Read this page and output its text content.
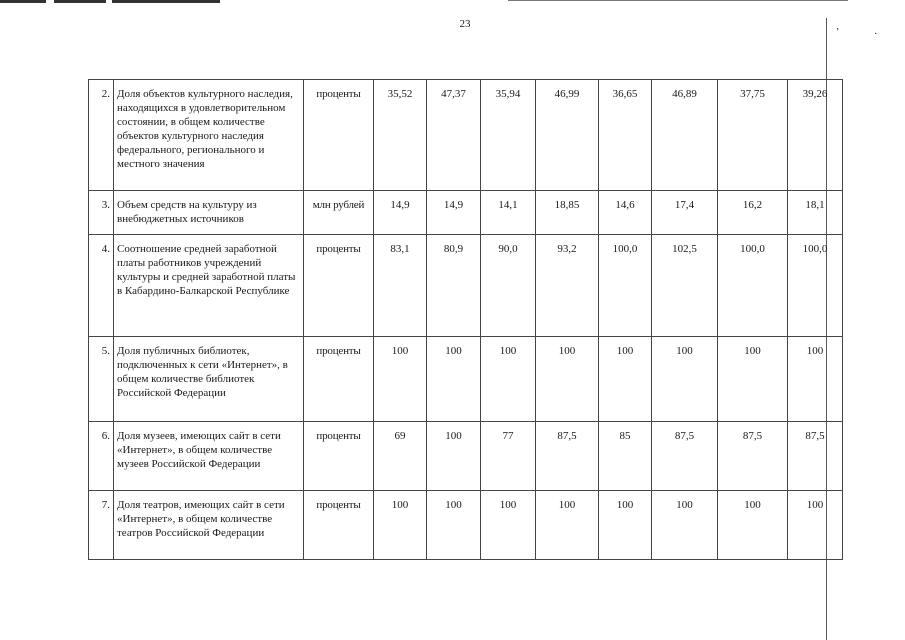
ʼ	·
23
2.	Доля объектов культурного наследия, находящихся в удовлетворительном состоянии, в общем количестве объектов культурного наследия федерального, регионального и местного значения	проценты	35,52	47,37	35,94	46,99	36,65	46,89	37,75	39,26
3.	Объем средств на культуру из внебюджетных источников	млн рублей	14,9	14,9	14,1	18,85	14,6	17,4	16,2	18,1
4.	Соотношение средней заработной платы работников учреждений культуры и средней заработной платы в Кабардино-Балкарской Республике	проценты	83,1	80,9	90,0	93,2	100,0	102,5	100,0	100,0
5.	Доля публичных библиотек, подключенных к сети «Интернет», в общем количестве библиотек Российской Федерации	проценты	100	100	100	100	100	100	100	100
6.	Доля музеев, имеющих сайт в сети «Интернет», в общем количестве музеев Российской Федерации	проценты	69	100	77	87,5	85	87,5	87,5	87,5
7.	Доля театров, имеющих сайт в сети «Интернет», в общем количестве театров Российской Федерации	проценты	100	100	100	100	100	100	100	100
